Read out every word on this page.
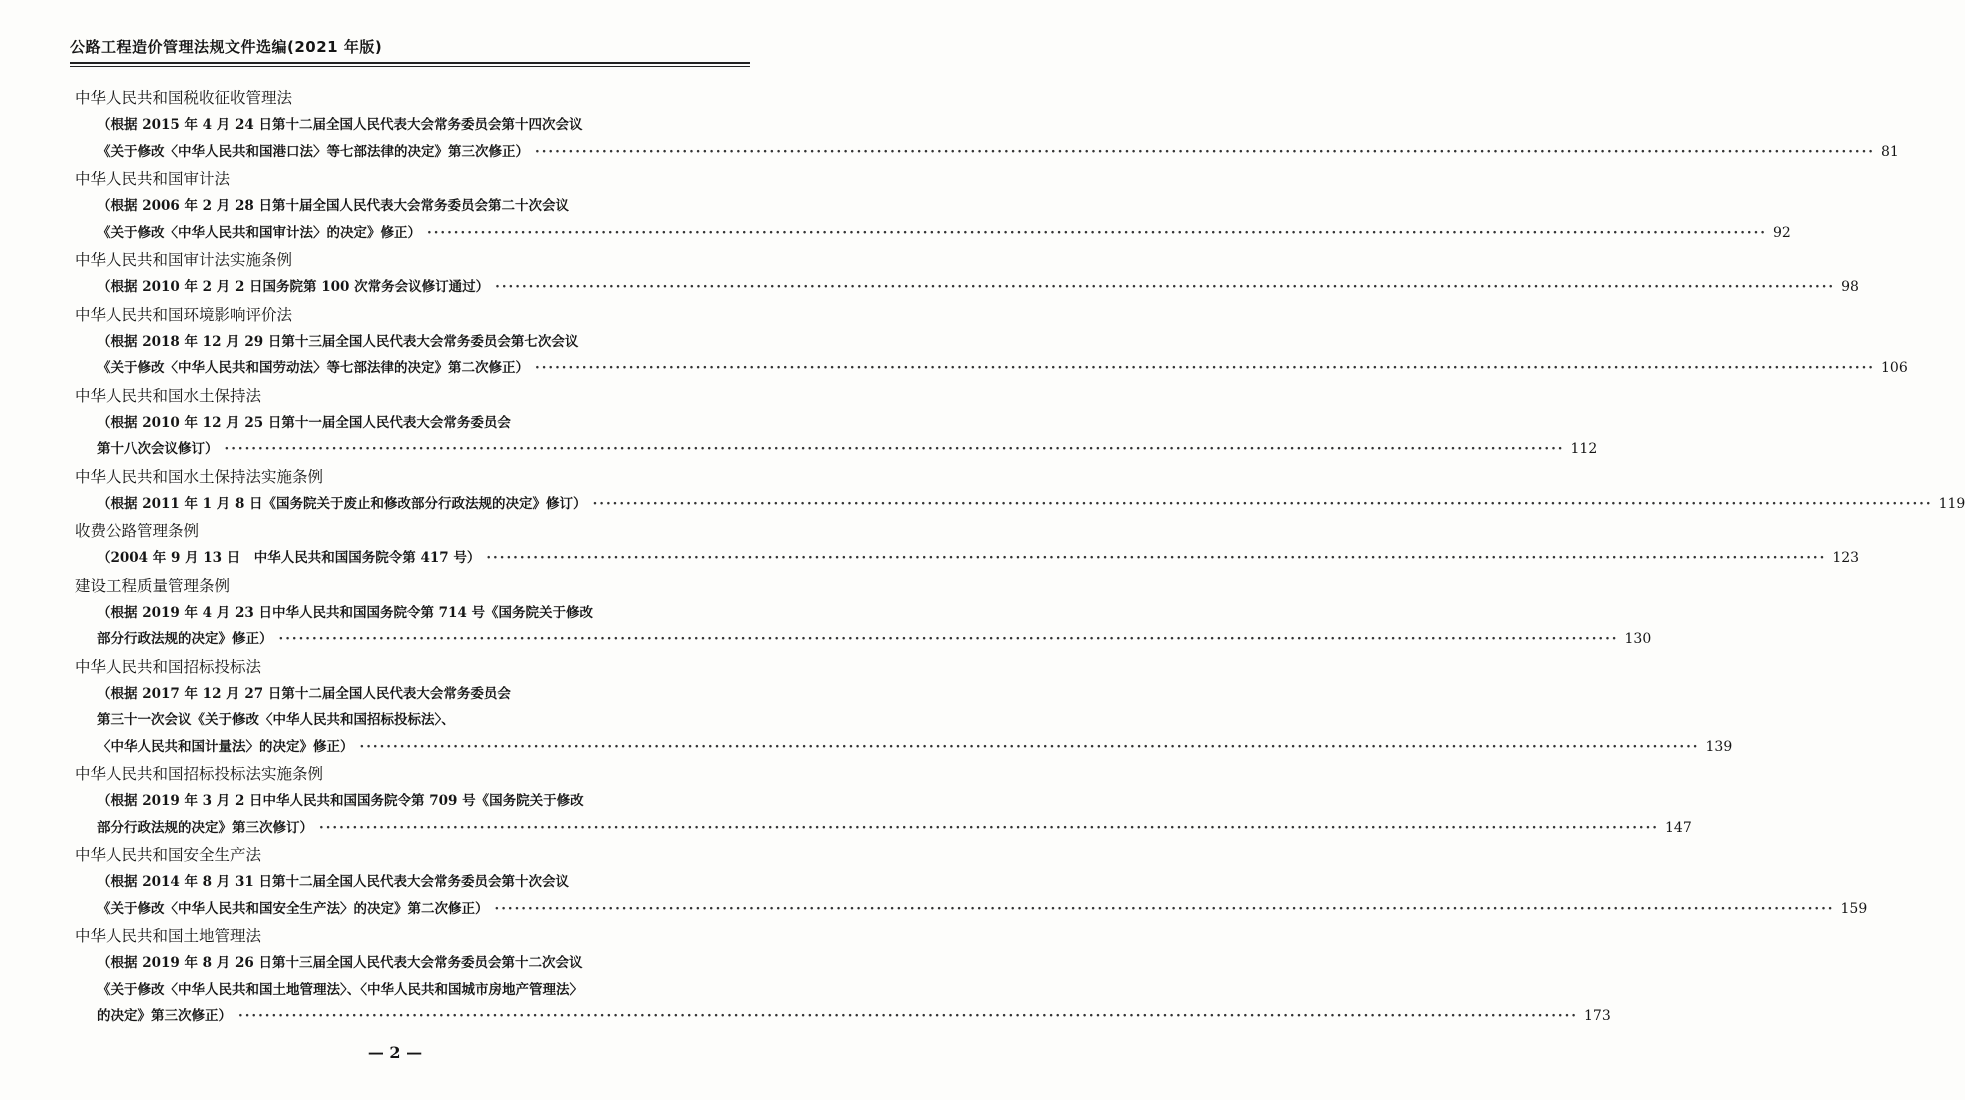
公路工程造价管理法规文件选编(2021 年版)
中华人民共和国税收征收管理法
（根据 2015 年 4 月 24 日第十二届全国人民代表大会常务委员会第十四次会议
《关于修改〈中华人民共和国港口法〉等七部法律的决定》第三次修正） ········································································································································································································ 81
中华人民共和国审计法
（根据 2006 年 2 月 28 日第十届全国人民代表大会常务委员会第二十次会议
《关于修改〈中华人民共和国审计法〉的决定》修正） ········································································································································································································ 92
中华人民共和国审计法实施条例
（根据 2010 年 2 月 2 日国务院第 100 次常务会议修订通过） ········································································································································································································ 98
中华人民共和国环境影响评价法
（根据 2018 年 12 月 29 日第十三届全国人民代表大会常务委员会第七次会议
《关于修改〈中华人民共和国劳动法〉等七部法律的决定》第二次修正） ········································································································································································································ 106
中华人民共和国水土保持法
（根据 2010 年 12 月 25 日第十一届全国人民代表大会常务委员会
第十八次会议修订） ········································································································································································································ 112
中华人民共和国水土保持法实施条例
（根据 2011 年 1 月 8 日《国务院关于废止和修改部分行政法规的决定》修订） ········································································································································································································ 119
收费公路管理条例
（2004 年 9 月 13 日　中华人民共和国国务院令第 417 号） ········································································································································································································ 123
建设工程质量管理条例
（根据 2019 年 4 月 23 日中华人民共和国国务院令第 714 号《国务院关于修改
部分行政法规的决定》修正） ········································································································································································································ 130
中华人民共和国招标投标法
（根据 2017 年 12 月 27 日第十二届全国人民代表大会常务委员会
第三十一次会议《关于修改〈中华人民共和国招标投标法〉、
〈中华人民共和国计量法〉的决定》修正） ········································································································································································································ 139
中华人民共和国招标投标法实施条例
（根据 2019 年 3 月 2 日中华人民共和国国务院令第 709 号《国务院关于修改
部分行政法规的决定》第三次修订） ········································································································································································································ 147
中华人民共和国安全生产法
（根据 2014 年 8 月 31 日第十二届全国人民代表大会常务委员会第十次会议
《关于修改〈中华人民共和国安全生产法〉的决定》第二次修正） ········································································································································································································ 159
中华人民共和国土地管理法
（根据 2019 年 8 月 26 日第十三届全国人民代表大会常务委员会第十二次会议
《关于修改〈中华人民共和国土地管理法〉、〈中华人民共和国城市房地产管理法〉
的决定》第三次修正） ········································································································································································································ 173
— 2 —
